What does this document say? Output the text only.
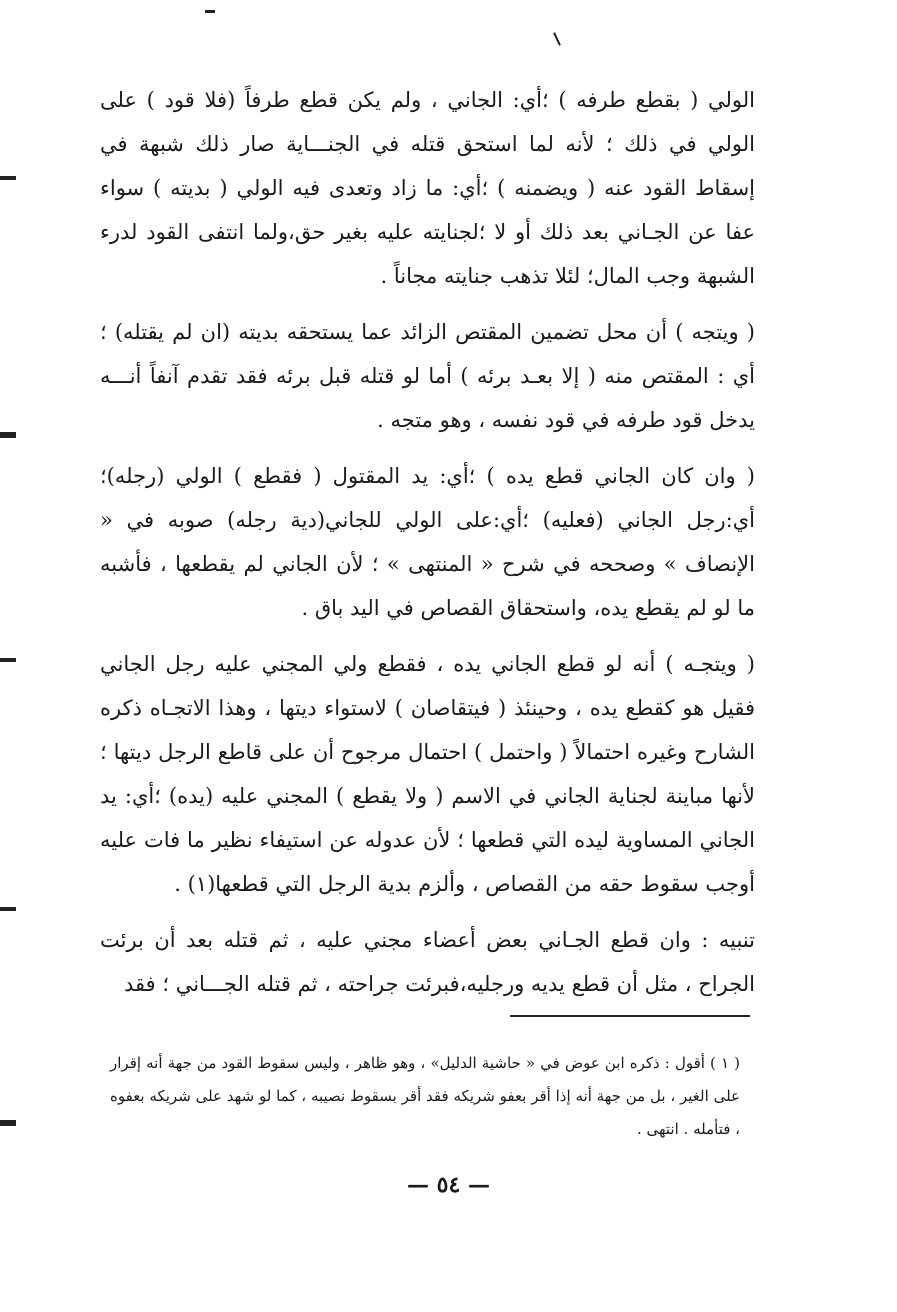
الولي ( بقطع طرفه ) ؛أي: الجاني ، ولم يكن قطع طرفاً (فلا قود ) على الولي في ذلك ؛ لأنه لما استحق قتله في الجنـــاية صار ذلك شبهة في إسقاط القود عنه ( ويضمنه ) ؛أي: ما زاد وتعدى فيه الولي ( بديته ) سواء عفا عن الجـاني بعد ذلك أو لا ؛لجنايته عليه بغير حق،ولما انتفى القود لدرء الشبهة وجب المال؛ لئلا تذهب جنايته مجاناً .

( ويتجه ) أن محل تضمين المقتص الزائد عما يستحقه بديته (ان لم يقتله) ؛ أي : المقتص منه ( إلا بعـد برئه ) أما لو قتله قبل برئه فقد تقدم آنفاً أنـــه يدخل قود طرفه في قود نفسه ، وهو متجه .

( وان كان الجاني قطع يده ) ؛أي: يد المقتول ( فقطع ) الولي (رجله)؛ أي:رجل الجاني (فعليه) ؛أي:على الولي للجاني(دية رجله) صوبه في « الإنصاف » وصححه في شرح « المنتهى » ؛ لأن الجاني لم يقطعها ، فأشبه ما لو لم يقطع يده، واستحقاق القصاص في اليد باق .

( ويتجـه ) أنه لو قطع الجاني يده ، فقطع ولي المجني عليه رجل الجاني فقيل هو كقطع يده ، وحينئذ ( فيتقاصان ) لاستواء ديتها ، وهذا الاتجـاه ذكره الشارح وغيره احتمالاً ( واحتمل ) احتمال مرجوح أن على قاطع الرجل ديتها ؛ لأنها مباينة لجناية الجاني في الاسم ( ولا يقطع ) المجني عليه (يده) ؛أي: يد الجاني المساوية ليده التي قطعها ؛ لأن عدوله عن استيفاء نظير ما فات عليه أوجب سقوط حقه من القصاص ، وألزم بدية الرجل التي قطعها(١) .

تنبيه : وان قطع الجـاني بعض أعضاء مجني عليه ، ثم قتله بعد أن برئت الجراح ، مثل أن قطع يديه ورجليه،فبرئت جراحته ، ثم قتله الجـــاني ؛ فقد

( ١ ) أقول : ذكره ابن عوض في « حاشية الدليل» ، وهو ظاهر ، وليس سقوط القود من جهة أنه إقرار على الغير ، بل من جهة أنه إذا أقر بعفو شريكه فقد أقر بسقوط نصيبه ، كما لو شهد على شريكه بعفوه ، فتأمله . انتهى .

— ٥٤ —
